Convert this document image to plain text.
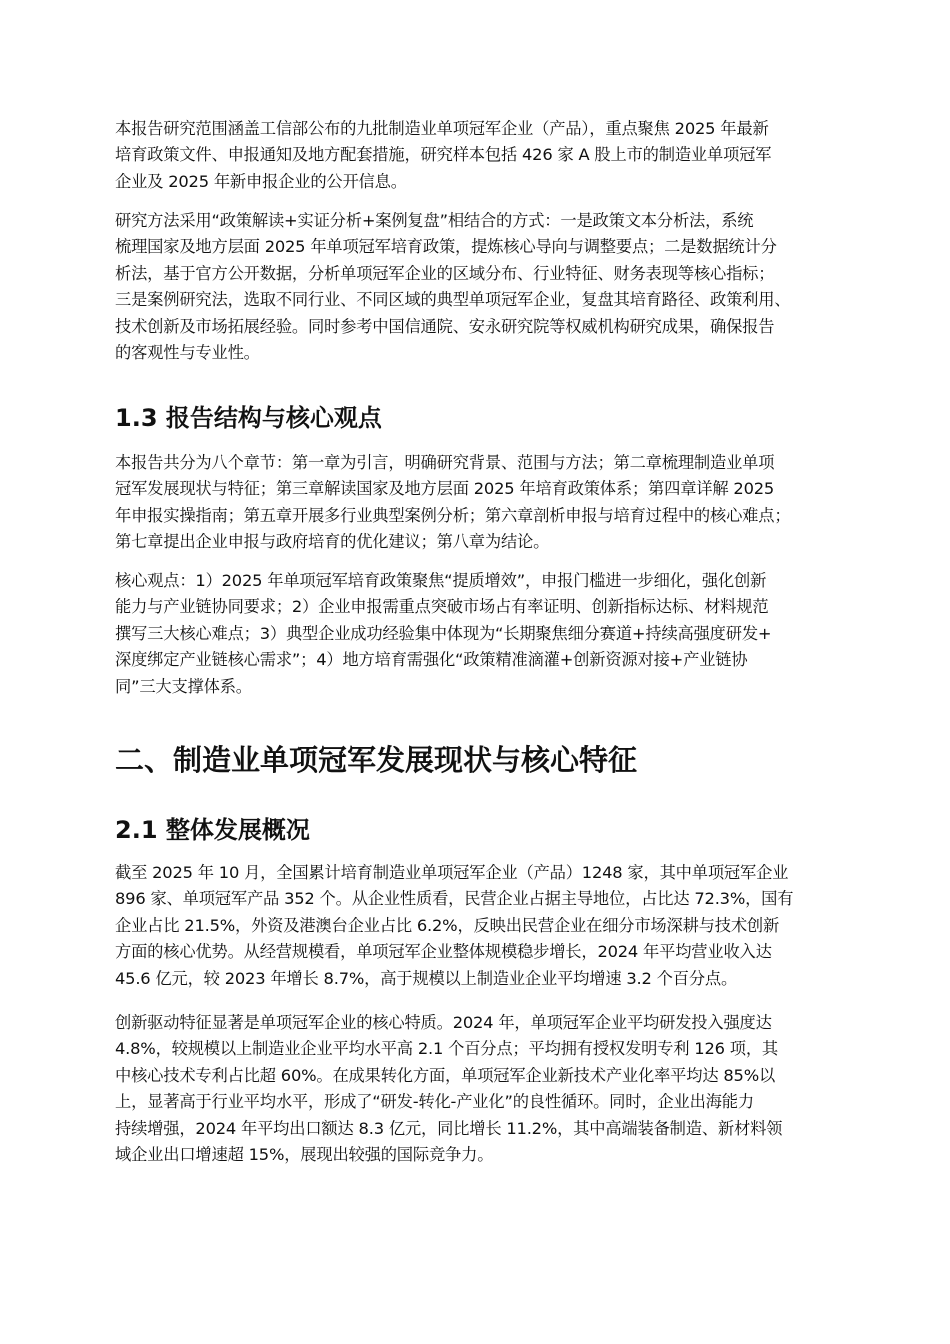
本报告研究范围涵盖工信部公布的九批制造业单项冠军企业（产品），重点聚焦 2025 年最新
培育政策文件、申报通知及地方配套措施，研究样本包括 426 家 A 股上市的制造业单项冠军
企业及 2025 年新申报企业的公开信息。
研究方法采用“政策解读+实证分析+案例复盘”相结合的方式：一是政策文本分析法，系统
梳理国家及地方层面 2025 年单项冠军培育政策，提炼核心导向与调整要点；二是数据统计分
析法，基于官方公开数据，分析单项冠军企业的区域分布、行业特征、财务表现等核心指标；
三是案例研究法，选取不同行业、不同区域的典型单项冠军企业，复盘其培育路径、政策利用、
技术创新及市场拓展经验。同时参考中国信通院、安永研究院等权威机构研究成果，确保报告
的客观性与专业性。
1.3 报告结构与核心观点
本报告共分为八个章节：第一章为引言，明确研究背景、范围与方法；第二章梳理制造业单项
冠军发展现状与特征；第三章解读国家及地方层面 2025 年培育政策体系；第四章详解 2025
年申报实操指南；第五章开展多行业典型案例分析；第六章剖析申报与培育过程中的核心难点；
第七章提出企业申报与政府培育的优化建议；第八章为结论。
核心观点：1）2025 年单项冠军培育政策聚焦“提质增效”，申报门槛进一步细化，强化创新
能力与产业链协同要求；2）企业申报需重点突破市场占有率证明、创新指标达标、材料规范
撰写三大核心难点；3）典型企业成功经验集中体现为“长期聚焦细分赛道+持续高强度研发+
深度绑定产业链核心需求”；4）地方培育需强化“政策精准滴灌+创新资源对接+产业链协
同”三大支撑体系。
二、制造业单项冠军发展现状与核心特征
2.1 整体发展概况
截至 2025 年 10 月，全国累计培育制造业单项冠军企业（产品）1248 家，其中单项冠军企业
896 家、单项冠军产品 352 个。从企业性质看，民营企业占据主导地位，占比达 72.3%，国有
企业占比 21.5%，外资及港澳台企业占比 6.2%，反映出民营企业在细分市场深耕与技术创新
方面的核心优势。从经营规模看，单项冠军企业整体规模稳步增长，2024 年平均营业收入达
45.6 亿元，较 2023 年增长 8.7%，高于规模以上制造业企业平均增速 3.2 个百分点。
创新驱动特征显著是单项冠军企业的核心特质。2024 年，单项冠军企业平均研发投入强度达
4.8%，较规模以上制造业企业平均水平高 2.1 个百分点；平均拥有授权发明专利 126 项，其
中核心技术专利占比超 60%。在成果转化方面，单项冠军企业新技术产业化率平均达 85%以
上，显著高于行业平均水平，形成了“研发-转化-产业化”的良性循环。同时，企业出海能力
持续增强，2024 年平均出口额达 8.3 亿元，同比增长 11.2%，其中高端装备制造、新材料领
域企业出口增速超 15%，展现出较强的国际竞争力。
